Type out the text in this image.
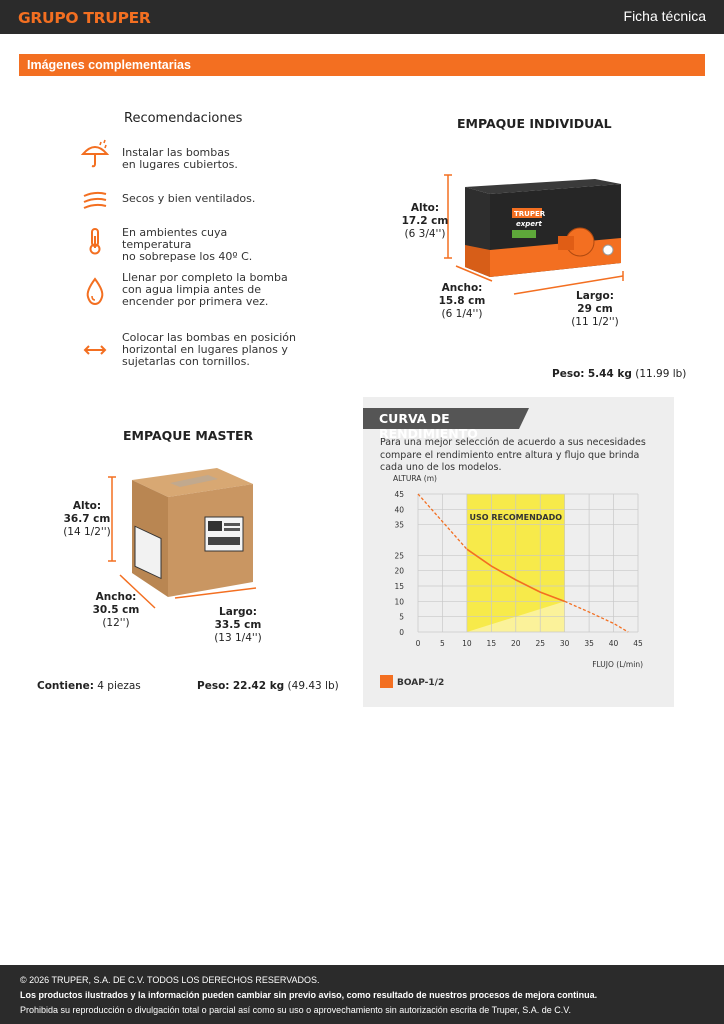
GRUPO TRUPER	Ficha técnica
Imágenes complementarias
Recomendaciones
Instalar las bombas
en lugares cubiertos.
Secos y bien ventilados.
En ambientes cuya temperatura
no sobrepase los 40º C.
Llenar por completo la bomba
con agua limpia antes de
encender por primera vez.
Colocar las bombas en posición
horizontal en lugares planos y
sujetarlas con tornillos.
EMPAQUE INDIVIDUAL
TRUPER
expert
Alto:
17.2 cm
(6 3/4'')
Ancho:
15.8 cm
(6 1/4'')
Largo:
29 cm
(11 1/2'')
Peso: 5.44 kg (11.99 lb)
EMPAQUE MASTER
Alto:
36.7 cm
(14 1/2'')
Ancho:
30.5 cm
(12'')
Largo:
33.5 cm
(13 1/4'')
Contiene: 4 piezas	Peso: 22.42 kg (49.43 lb)
CURVA DE RENDIMIENTO
Para una mejor selección de acuerdo a sus necesidades compare el rendimiento entre altura y flujo que brinda cada uno de los modelos.
0	5 10 15 20 25 30 35 40 45
0
5
10
15
20
25
35
40
45
ALTURA (m)
FLUJO (L/min)
USO RECOMENDADO
BOAP-1/2
© 2026 TRUPER, S.A. DE C.V. TODOS LOS DERECHOS RESERVADOS.
Los productos ilustrados y la información pueden cambiar sin previo aviso, como resultado de nuestros procesos de mejora continua.
Prohibida su reproducción o divulgación total o parcial así como su uso o aprovechamiento sin autorización escrita de Truper, S.A. de C.V.
